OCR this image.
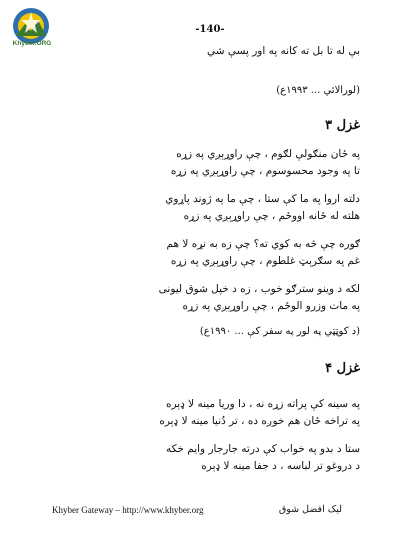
Khyber.ORG
-140-
بې له تا بل ته کانه په اور پسې شي
(لورالائي ... ۱۹۹۳ع)
غزل ۳
په ځان منګولې لګوم ، چې راوړېږي په زړه
تا په وجود محسوسوم ، چې راوړېږي په زړه
دلته اروا په ما کې ستا ، چې ما په ژوند پاړوي
هلته له ځانه اووځم ، چې راوړېږي په زړه
ګوره چې څه به کوي ته؟ چې زه به نړه لا هم
غم په سګرېټ غلطوم ، چې راوړېږي په زړه
لکه د وینو سترګو خوب ، زه د خپل شوق لیونی
په مات وزرو الوځم ، چې راوړېږي په زړه
(د کوټټي په لور په سفر کې ... ۱۹۹۰ع)
غزل ۴
په سینه کې پراته زړه نه ، دا وریا مینه لا ډېره
په تراخه ځان هم خوږه ده ، تر دُنیا مینه لا ډېره
ستا د بدو په خواب کې درته جارجار وایم خکه
د دروغو تر لباسه ، د جفا مینه لا ډېره
Khyber Gateway – http://www.khyber.org	لیک افضل شوق
